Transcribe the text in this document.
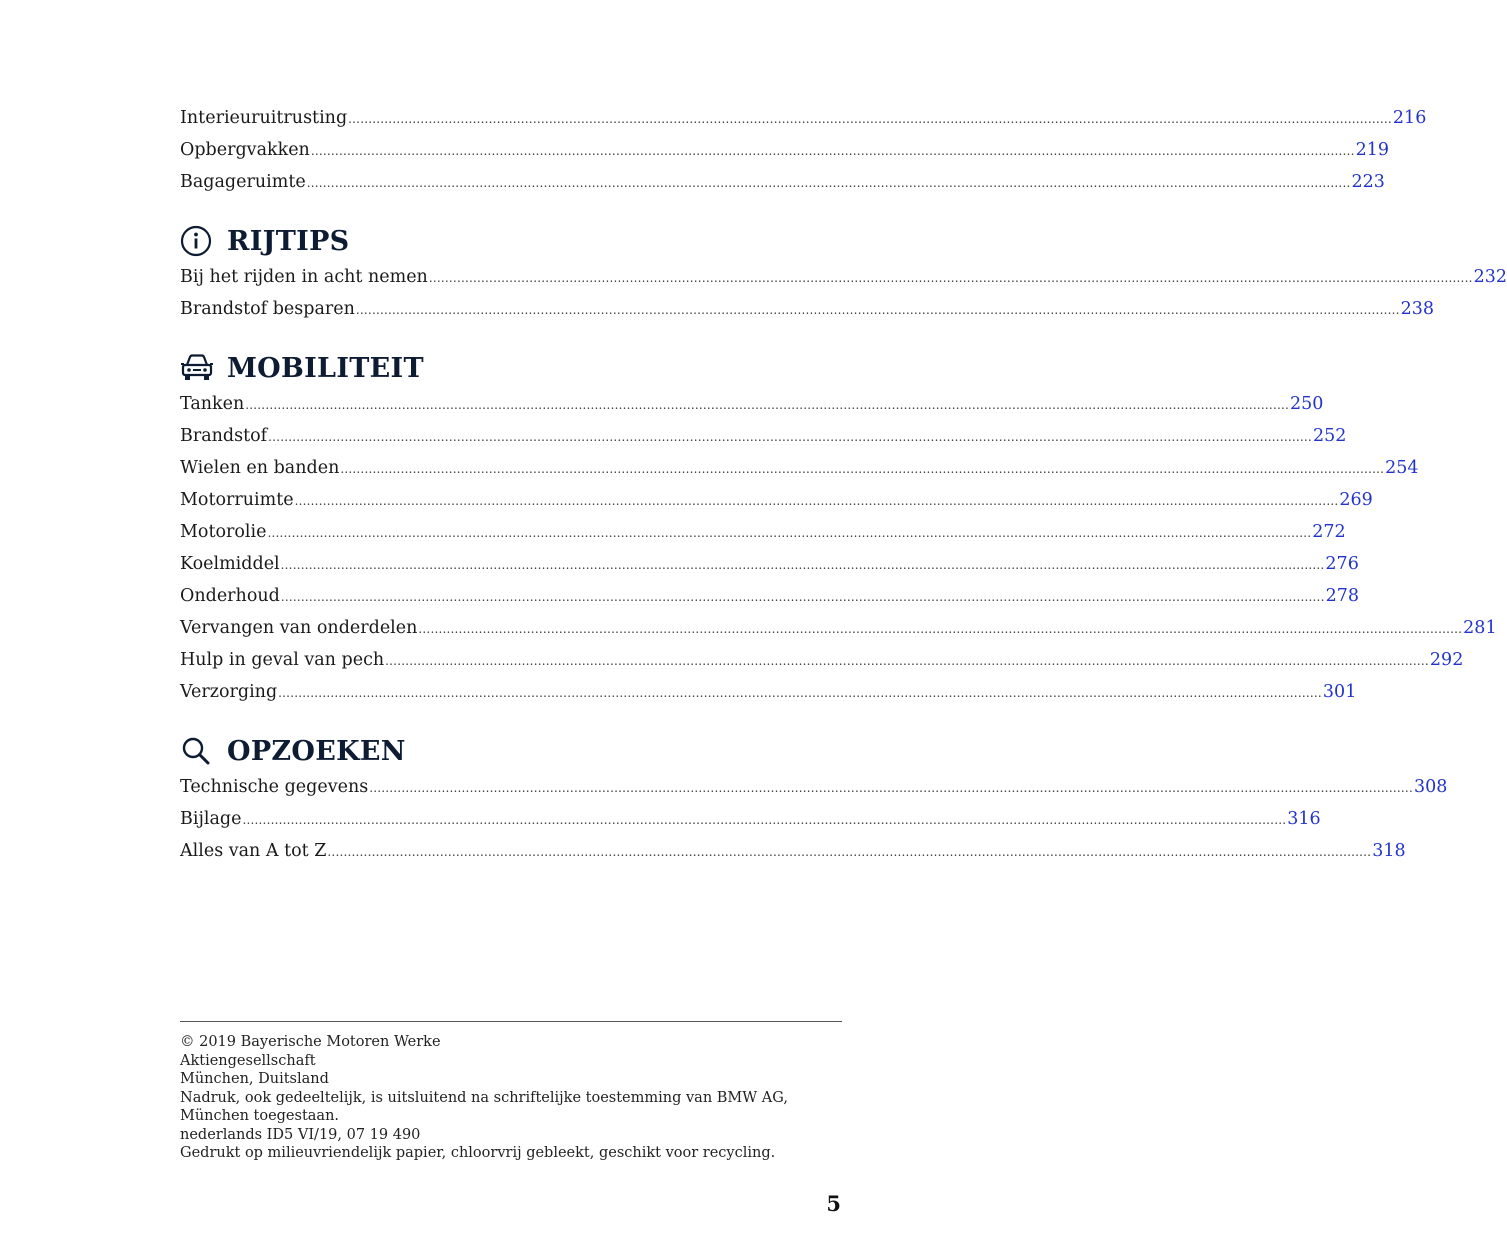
Interieuruitrusting .................................................................................................................................................................................................................................................................... 216
Opbergvakken .................................................................................................................................................................................................................................................................... 219
Bagageruimte .................................................................................................................................................................................................................................................................... 223
RIJTIPS
Bij het rijden in acht nemen .................................................................................................................................................................................................................................................................... 232
Brandstof besparen .................................................................................................................................................................................................................................................................... 238
MOBILITEIT
Tanken .................................................................................................................................................................................................................................................................... 250
Brandstof .................................................................................................................................................................................................................................................................... 252
Wielen en banden .................................................................................................................................................................................................................................................................... 254
Motorruimte .................................................................................................................................................................................................................................................................... 269
Motorolie .................................................................................................................................................................................................................................................................... 272
Koelmiddel .................................................................................................................................................................................................................................................................... 276
Onderhoud .................................................................................................................................................................................................................................................................... 278
Vervangen van onderdelen .................................................................................................................................................................................................................................................................... 281
Hulp in geval van pech .................................................................................................................................................................................................................................................................... 292
Verzorging .................................................................................................................................................................................................................................................................... 301
OPZOEKEN
Technische gegevens .................................................................................................................................................................................................................................................................... 308
Bijlage .................................................................................................................................................................................................................................................................... 316
Alles van A tot Z .................................................................................................................................................................................................................................................................... 318
© 2019 Bayerische Motoren Werke
Aktiengesellschaft
München, Duitsland
Nadruk, ook gedeeltelijk, is uitsluitend na schriftelijke toestemming van BMW AG, München toegestaan.
nederlands ID5 VI/19, 07 19 490
Gedrukt op milieuvriendelijk papier, chloorvrij gebleekt, geschikt voor recycling.
5
